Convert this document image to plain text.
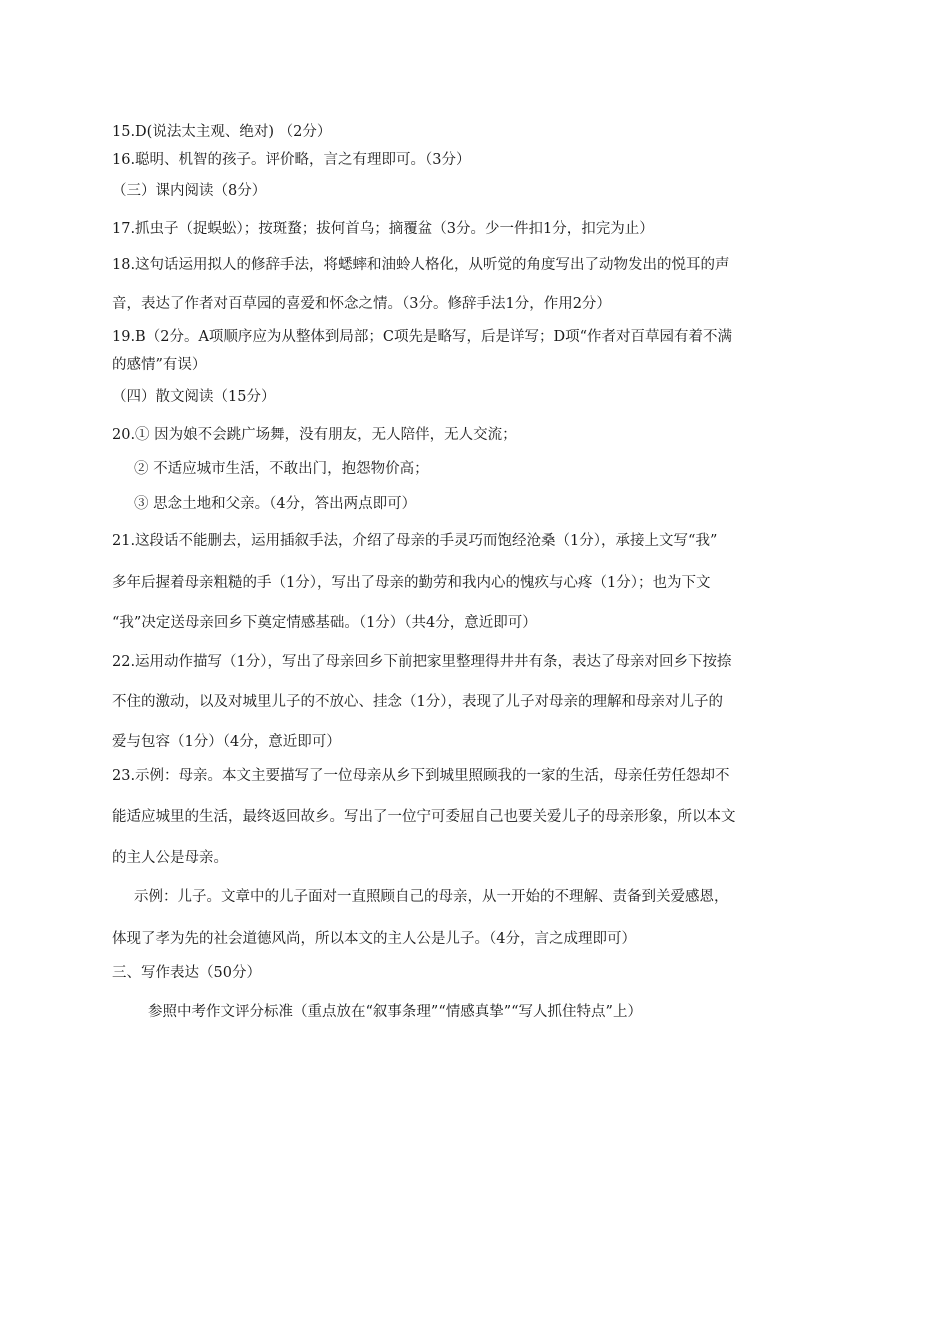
15.D(说法太主观、绝对) （2分）
16.聪明、机智的孩子。评价略，言之有理即可。（3分）
（三）课内阅读（8分）
17.抓虫子（捉蜈蚣）；按斑蝥；拔何首乌；摘覆盆（3分。少一件扣1分，扣完为止）
18.这句话运用拟人的修辞手法，将蟋蟀和油蛉人格化，从听觉的角度写出了动物发出的悦耳的声
音，表达了作者对百草园的喜爱和怀念之情。（3分。修辞手法1分，作用2分）
19.B（2分。A项顺序应为从整体到局部；C项先是略写，后是详写；D项“作者对百草园有着不满
的感情”有误）
（四）散文阅读（15分）
20.① 因为娘不会跳广场舞，没有朋友，无人陪伴，无人交流；
② 不适应城市生活，不敢出门，抱怨物价高；
③ 思念土地和父亲。（4分，答出两点即可）
21.这段话不能删去，运用插叙手法，介绍了母亲的手灵巧而饱经沧桑（1分），承接上文写“我”
多年后握着母亲粗糙的手（1分），写出了母亲的勤劳和我内心的愧疚与心疼（1分）；也为下文
“我”决定送母亲回乡下奠定情感基础。（1分）（共4分，意近即可）
22.运用动作描写（1分），写出了母亲回乡下前把家里整理得井井有条，表达了母亲对回乡下按捺
不住的激动，以及对城里儿子的不放心、挂念（1分），表现了儿子对母亲的理解和母亲对儿子的
爱与包容（1分）（4分，意近即可）
23.示例：母亲。本文主要描写了一位母亲从乡下到城里照顾我的一家的生活，母亲任劳任怨却不
能适应城里的生活，最终返回故乡。写出了一位宁可委屈自己也要关爱儿子的母亲形象，所以本文
的主人公是母亲。
示例：儿子。文章中的儿子面对一直照顾自己的母亲，从一开始的不理解、责备到关爱感恩，
体现了孝为先的社会道德风尚，所以本文的主人公是儿子。（4分，言之成理即可）
三、写作表达（50分）
参照中考作文评分标准（重点放在“叙事条理”“情感真挚”“写人抓住特点”上）
